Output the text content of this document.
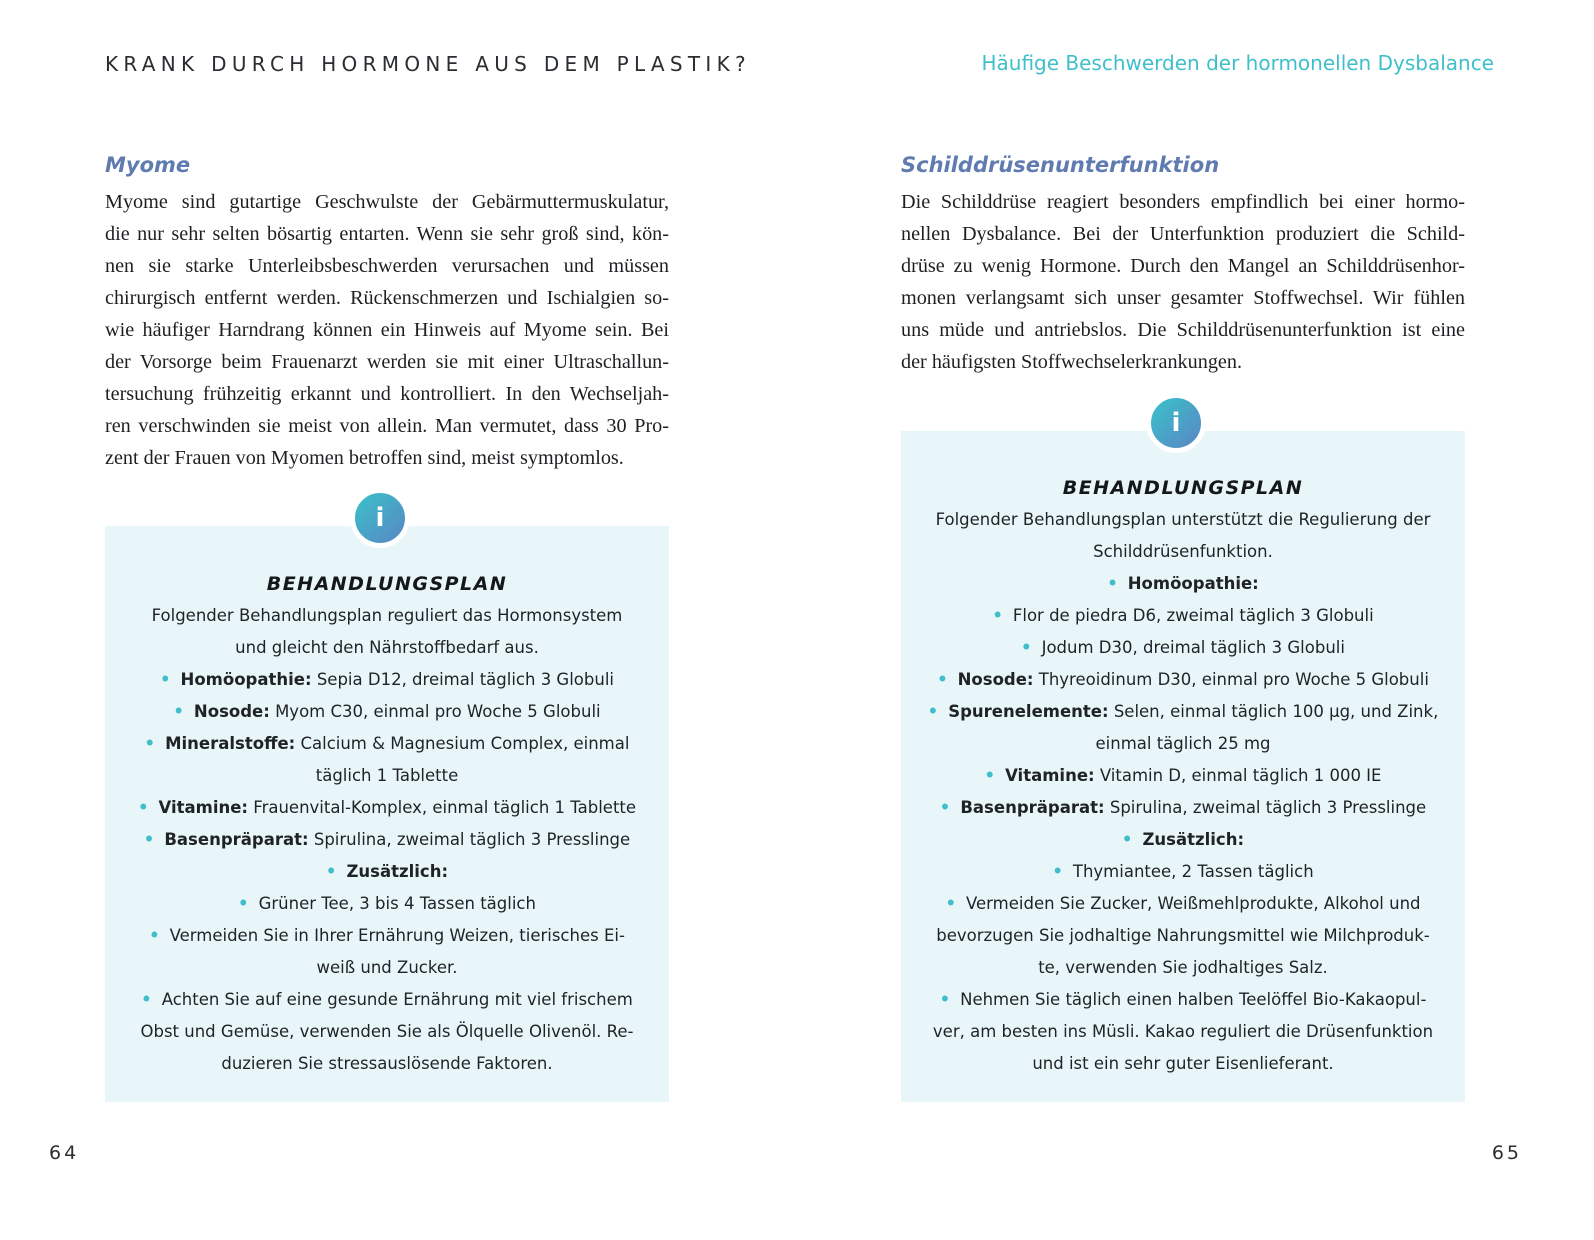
KRANK DURCH HORMONE AUS DEM PLASTIK?	Häufige Beschwerden der hormonellen Dysbalance
Myome
Myome sind gutartige Geschwulste der Gebärmuttermuskulatur,
die nur sehr selten bösartig entarten. Wenn sie sehr groß sind, kön-
nen sie starke Unterleibsbeschwerden verursachen und müssen
chirurgisch entfernt werden. Rückenschmerzen und Ischialgien so-
wie häufiger Harndrang können ein Hinweis auf Myome sein. Bei
der Vorsorge beim Frauenarzt werden sie mit einer Ultraschallun-
tersuchung frühzeitig erkannt und kontrolliert. In den Wechseljah-
ren verschwinden sie meist von allein. Man vermutet, dass 30 Pro-
zent der Frauen von Myomen betroffen sind, meist symptomlos.
BEHANDLUNGSPLAN
Folgender Behandlungsplan reguliert das Hormonsystem
und gleicht den Nährstoffbedarf aus.
• Homöopathie: Sepia D12, dreimal täglich 3 Globuli
• Nosode: Myom C30, einmal pro Woche 5 Globuli
• Mineralstoffe: Calcium & Magnesium Complex, einmal
täglich 1 Tablette
• Vitamine: Frauenvital-Komplex, einmal täglich 1 Tablette
• Basenpräparat: Spirulina, zweimal täglich 3 Presslinge
• Zusätzlich:
• Grüner Tee, 3 bis 4 Tassen täglich
• Vermeiden Sie in Ihrer Ernährung Weizen, tierisches Ei-
weiß und Zucker.
• Achten Sie auf eine gesunde Ernährung mit viel frischem
Obst und Gemüse, verwenden Sie als Ölquelle Olivenöl. Re-
duzieren Sie stressauslösende Faktoren.
i
64
Schilddrüsenunterfunktion
Die Schilddrüse reagiert besonders empfindlich bei einer hormo-
nellen Dysbalance. Bei der Unterfunktion produziert die Schild-
drüse zu wenig Hormone. Durch den Mangel an Schilddrüsenhor-
monen verlangsamt sich unser gesamter Stoffwechsel. Wir fühlen
uns müde und antriebslos. Die Schilddrüsenunterfunktion ist eine
der häufigsten Stoffwechselerkrankungen.
BEHANDLUNGSPLAN
Folgender Behandlungsplan unterstützt die Regulierung der
Schilddrüsenfunktion.
• Homöopathie:
• Flor de piedra D6, zweimal täglich 3 Globuli
• Jodum D30, dreimal täglich 3 Globuli
• Nosode: Thyreoidinum D30, einmal pro Woche 5 Globuli
• Spurenelemente: Selen, einmal täglich 100 µg, und Zink,
einmal täglich 25 mg
• Vitamine: Vitamin D, einmal täglich 1 000 IE
• Basenpräparat: Spirulina, zweimal täglich 3 Presslinge
• Zusätzlich:
• Thymiantee, 2 Tassen täglich
• Vermeiden Sie Zucker, Weißmehlprodukte, Alkohol und
bevorzugen Sie jodhaltige Nahrungsmittel wie Milchproduk-
te, verwenden Sie jodhaltiges Salz.
• Nehmen Sie täglich einen halben Teelöffel Bio-Kakaopul-
ver, am besten ins Müsli. Kakao reguliert die Drüsenfunktion
und ist ein sehr guter Eisenlieferant.
i
65
